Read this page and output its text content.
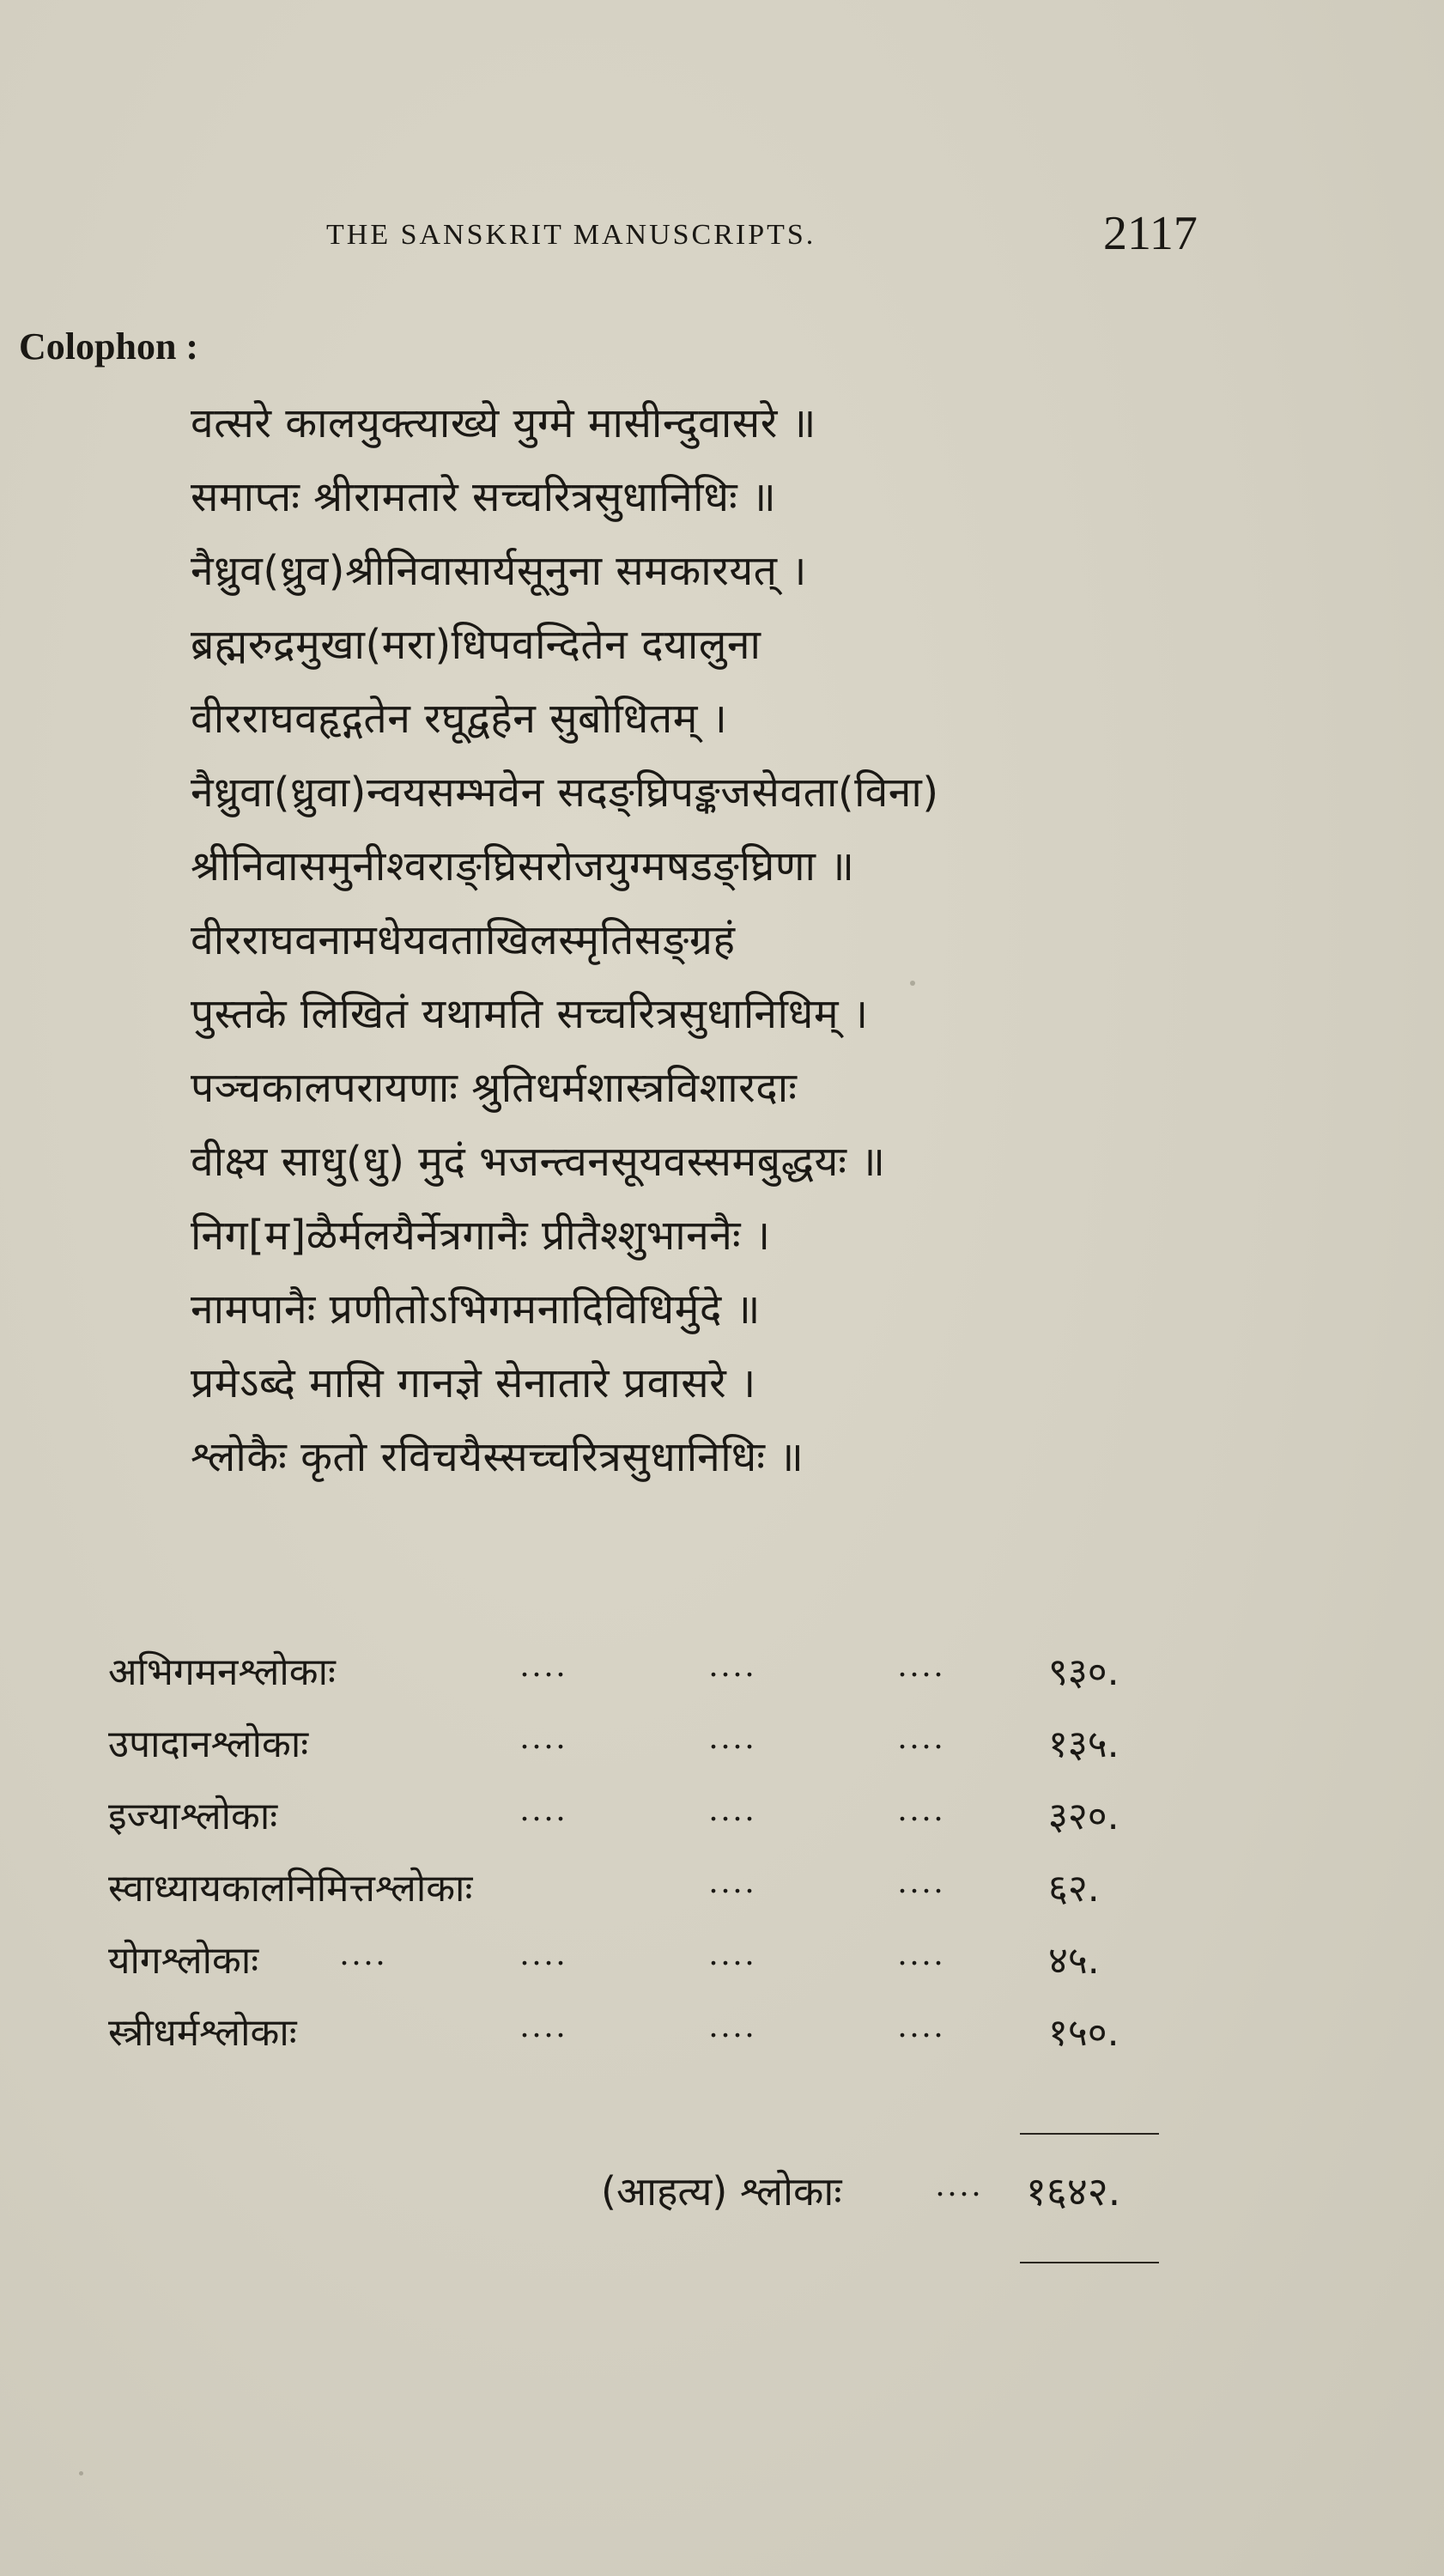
THE SANSKRIT MANUSCRIPTS.	2117
Colophon :
वत्सरे कालयुक्त्याख्ये युग्मे मासीन्दुवासरे ॥
समाप्तः श्रीरामतारे सच्चरित्रसुधानिधिः ॥
नैध्रुव(ध्रुव)श्रीनिवासार्यसूनुना समकारयत् ।
ब्रह्मरुद्रमुखा(मरा)धिपवन्दितेन दयालुना
वीरराघवहृद्गतेन रघूद्वहेन सुबोधितम् ।
नैध्रुवा(ध्रुवा)न्वयसम्भवेन सदङ्घ्रिपङ्कजसेवता(विना)
श्रीनिवासमुनीश्वराङ्घ्रिसरोजयुग्मषडङ्घ्रिणा ॥
वीरराघवनामधेयवताखिलस्मृतिसङ्ग्रहं
पुस्तके लिखितं यथामति सच्चरित्रसुधानिधिम् ।
पञ्चकालपरायणाः श्रुतिधर्मशास्त्रविशारदाः
वीक्ष्य साधु(धु) मुदं भजन्त्वनसूयवस्समबुद्धयः ॥
निग[म]ळैर्मलयैर्नेत्रगानैः प्रीतैश्शुभाननैः ।
नामपानैः प्रणीतोऽभिगमनादिविधिर्मुदे ॥
प्रमेऽब्दे मासि गानज्ञे सेनातारे प्रवासरे ।
श्लोकैः कृतो रविचयैस्सच्चरित्रसुधानिधिः ॥
अभिगमनश्लोकाः	....	....	....	९३०.
उपादानश्लोकाः	....	....	....	१३५.
इज्याश्लोकाः	....	....	....	३२०.
स्वाध्यायकालनिमित्तश्लोकाः	....	....	६२.
योगश्लोकाः ....	....	....	....	४५.
स्त्रीधर्मश्लोकाः	....	....	....	१५०.
(आहत्य) श्लोकाः	.... १६४२.
